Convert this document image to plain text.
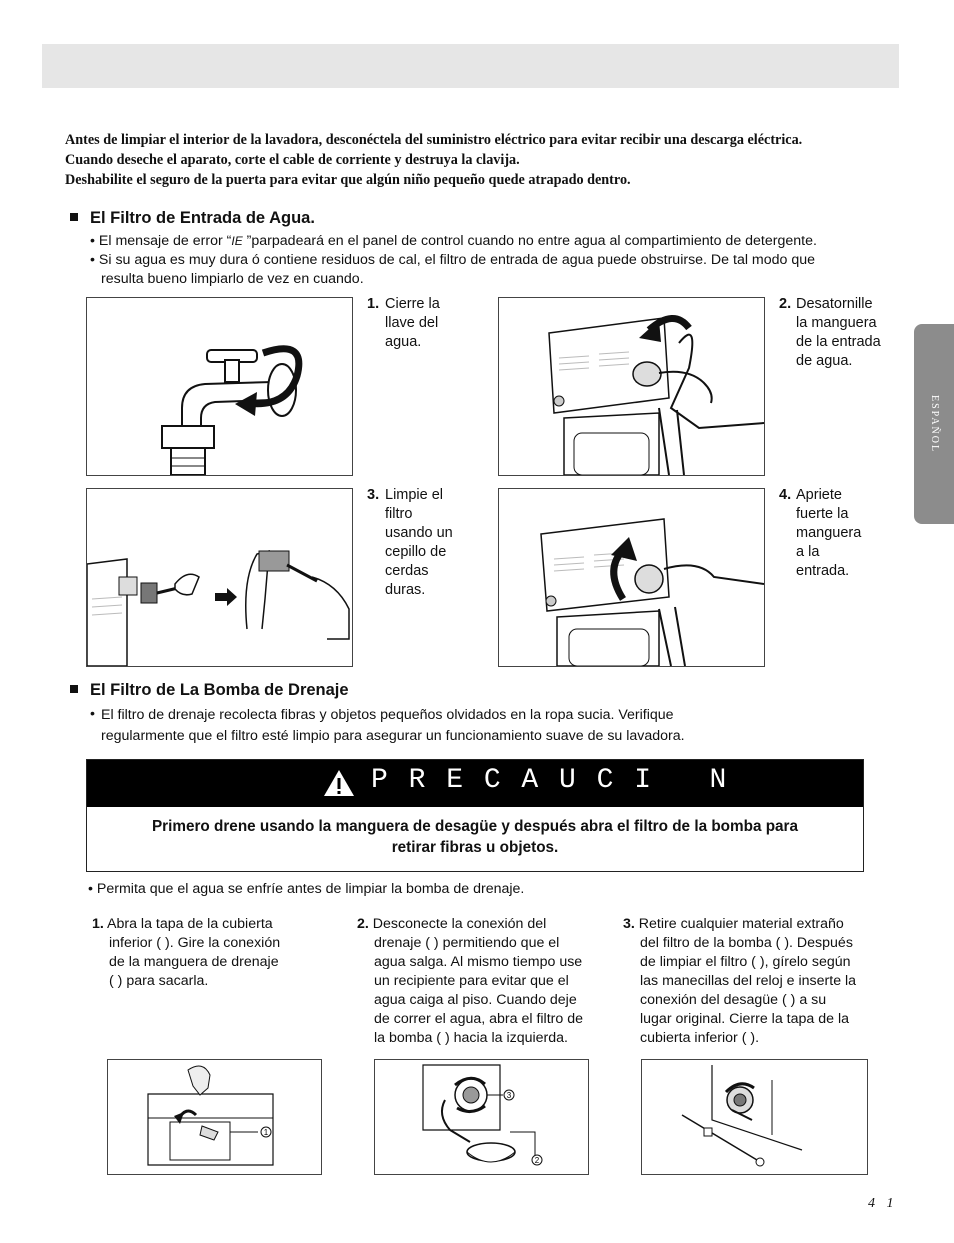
ESPAÑOL
Antes de limpiar el interior de la lavadora, desconéctela del suministro eléctrico para evitar recibir una descarga eléctrica.
Cuando deseche el aparato, corte el cable de corriente y destruya la clavija.
Deshabilite el seguro de la puerta para evitar que algún niño pequeño quede atrapado dentro.
El Filtro de Entrada de Agua.
• El mensaje de error “IE ”parpadeará en el panel de control cuando no entre agua al compartimiento de detergente.
• Si su agua es muy dura ó contiene residuos de cal, el filtro de entrada de agua puede obstruirse. De tal modo que
resulta bueno limpiarlo de vez en cuando.
1. Cierre la
llave del
agua.
2. Desatornille
la manguera
de la entrada
de agua.
3. Limpie el
filtro
usando un
cepillo de
cerdas
duras.
4. Apriete
fuerte la
manguera
a la
entrada.
El Filtro de La Bomba de Drenaje
• El filtro de drenaje recolecta fibras y objetos pequeños olvidados en la ropa sucia. Verifique
regularmente que el filtro esté limpio para asegurar un funcionamiento suave de su lavadora.
P R E C A U C I   N
Primero drene usando la manguera de desagüe y después abra el filtro de la bomba para
retirar fibras u objetos.
• Permita que el agua se enfríe antes de limpiar la bomba de drenaje.
1. Abra la tapa de la cubierta
inferior ( ). Gire la conexión
de la manguera de drenaje
( ) para sacarla.
2. Desconecte la conexión del
drenaje ( ) permitiendo que el
agua salga. Al mismo tiempo use
un recipiente para evitar que el
agua caiga al piso. Cuando deje
de correr el agua, abra el filtro de
la bomba ( ) hacia la izquierda.
3. Retire cualquier material extraño
del filtro de la bomba ( ). Después
de limpiar el filtro ( ), gírelo según
las manecillas del reloj e inserte la
conexión del desagüe ( ) a su
lugar original. Cierre la tapa de la
cubierta inferior ( ).
1
3
2
4 1
